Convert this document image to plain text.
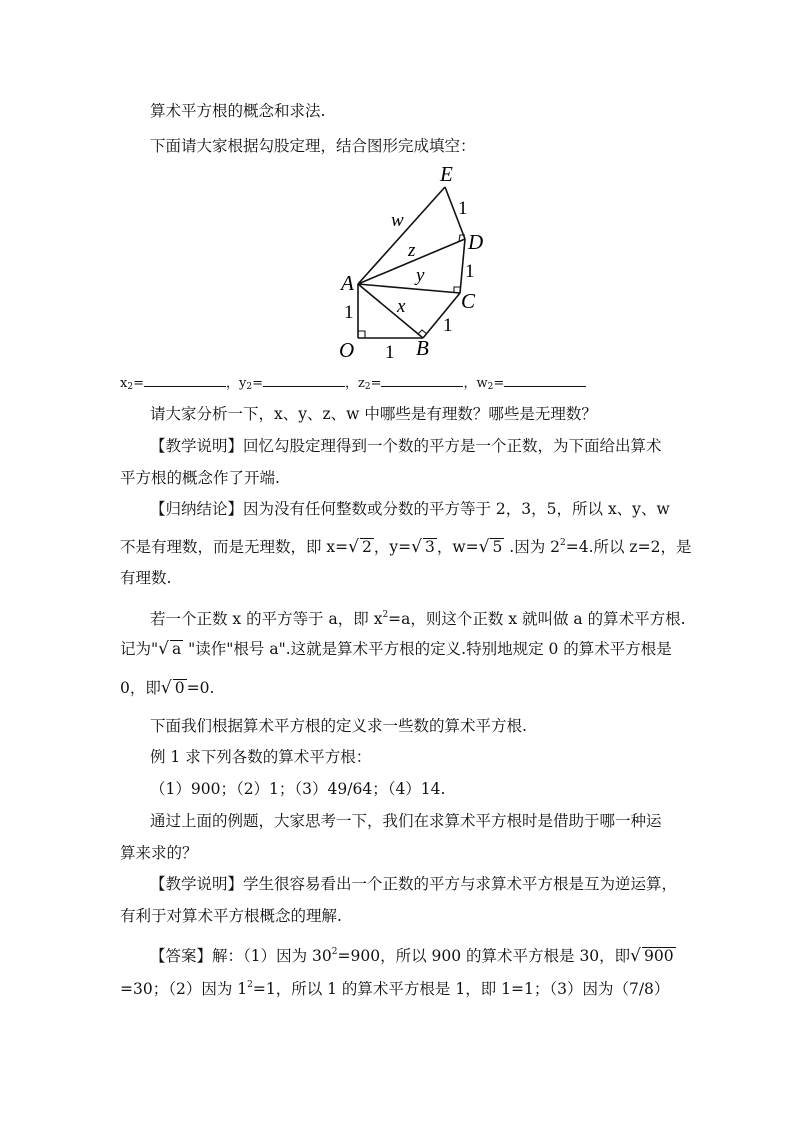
算术平方根的概念和求法.
下面请大家根据勾股定理，结合图形完成填空：
E
D
C
B
A
O
w
z
y
x
1
1
1
1
1
$x_2=$	，$y_2=$	，$z_2=$	，$w_2=$
请大家分析一下，x、y、z、w 中哪些是有理数？哪些是无理数？
【教学说明】回忆勾股定理得到一个数的平方是一个正数，为下面给出算术
平方根的概念作了开端.
【归纳结论】因为没有任何整数或分数的平方等于 2，3，5，所以 x、y、w
不是有理数，而是无理数，即 x=√ 2 ，y=√ 3 ，w=√ 5 .因为 $2^2=4$.所以 z=2，是
有理数.
若一个正数 x 的平方等于 a，即 $x^2=a$，则这个正数 x 就叫做 a 的算术平方根.
记为"√ a "读作"根号 a".这就是算术平方根的定义.特别地规定 0 的算术平方根是
0，即√ 0 =0.
下面我们根据算术平方根的定义求一些数的算术平方根.
例 1 求下列各数的算术平方根：
（1）900；（2）1；（3）49/64；（4）14.
通过上面的例题，大家思考一下，我们在求算术平方根时是借助于哪一种运
算来求的？
【教学说明】学生很容易看出一个正数的平方与求算术平方根是互为逆运算，
有利于对算术平方根概念的理解.
【答案】解：（1）因为 $30^2=900$，所以 900 的算术平方根是 30，即√ 900
=30；（2）因为 $1^2=1$，所以 1 的算术平方根是 1，即 1=1；（3）因为（7/8）
